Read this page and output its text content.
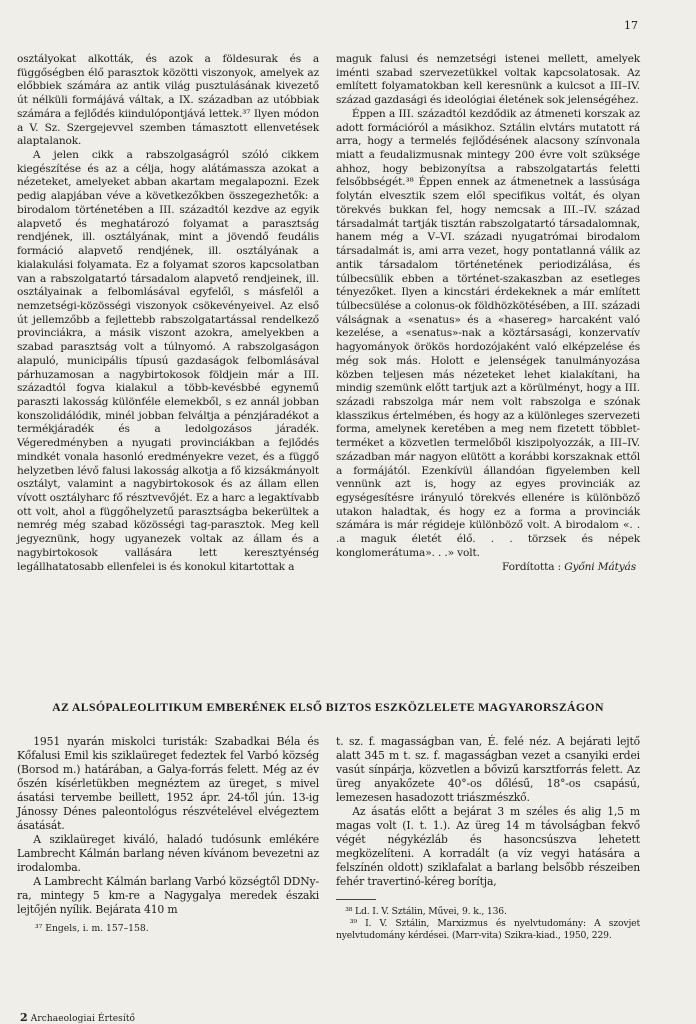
17

osztályokat alkották, és azok a földesurak és a függőségben élő parasztok közötti viszonyok, amelyek az előbbiek számára az antik világ pusztulásának kivezető út nélküli formájává váltak, a IX. században az utóbbiak számára a fejlődés kiindulópontjává lettek.³⁷ Ilyen módon a V. Sz. Szergejevvel szemben támasztott ellenvetések alaptalanok.

A jelen cikk a rabszolgaságról szóló cikkem kiegészítése és az a célja, hogy alátámassza azokat a nézeteket, amelyeket abban akartam megalapozni. Ezek pedig alapjában véve a következőkben összegezhetők: a birodalom történetében a III. századtól kezdve az egyik alapvető és meghatározó folyamat a parasztság rendjének, ill. osztályának, mint a jövendő feudális formáció alapvető rendjének, ill. osztályának a kialakulási folyamata. Ez a folyamat szoros kapcsolatban van a rabszolgatartó társadalom alapvető rendjeinek, ill. osztályainak a felbomlásával egyfelől, s másfelől a nemzetségi-közösségi viszonyok csökevényeivel. Az első út jellemzőbb a fejlettebb rabszolgatartással rendelkező provinciákra, a másik viszont azokra, amelyekben a szabad parasztság volt a túlnyomó. A rabszolgaságon alapuló, municipális típusú gazdaságok felbomlásával párhuzamosan a nagybirtokosok földjein már a III. századtól fogva kialakul a több-kevésbbé egynemű paraszti lakosság különféle elemekből, s ez annál jobban konszolidálódik, minél jobban felváltja a pénzjáradékot a termékjáradék és a ledolgozásos járadék. Végeredményben a nyugati provinciákban a fejlődés mindkét vonala hasonló eredményekre vezet, és a függő helyzetben lévő falusi lakosság alkotja a fő kizsákmányolt osztályt, valamint a nagybirtokosok és az állam ellen vívott osztályharc fő résztvevőjét. Ez a harc a legaktívabb ott volt, ahol a függőhelyzetű parasztságba bekerültek a nemrég még szabad közösségi tag-parasztok. Meg kell jegyeznünk, hogy ugyanezek voltak az állam és a nagybirtokosok vallására lett keresztyénség legállhatatosabb ellenfelei is és konokul kitartottak a

maguk falusi és nemzetségi istenei mellett, amelyek iménti szabad szervezetükkel voltak kapcsolatosak. Az említett folyamatokban kell keresnünk a kulcsot a III–IV. század gazdasági és ideológiai életének sok jelenségéhez.

Éppen a III. századtól kezdődik az átmeneti korszak az adott formációról a másikhoz. Sztálin elvtárs mutatott rá arra, hogy a termelés fejlődésének alacsony színvonala miatt a feudalizmusnak mintegy 200 évre volt szüksége ahhoz, hogy bebizonyítsa a rabszolgatartás feletti felsőbbségét.³⁸ Éppen ennek az átmenetnek a lassúsága folytán elvesztik szem elől specifikus voltát, és olyan törekvés bukkan fel, hogy nemcsak a III.–IV. század társadalmát tartják tisztán rabszolgatartó társadalomnak, hanem még a V–VI. századi nyugatrómai birodalom társadalmát is, ami arra vezet, hogy pontatlanná válik az antik társadalom történetének periodizálása, és túlbecsülik ebben a történet-szakaszban az esetleges tényezőket. Ilyen a kincstári érdekeknek a már említett túlbecsülése a colonus-ok földhözkötésében, a III. századi válságnak a «senatus» és a «hasereg» harcaként való kezelése, a «senatus»-nak a köztársasági, konzervatív hagyományok örökös hordozójaként való elképzelése és még sok más. Holott e jelenségek tanulmányozása közben teljesen más nézeteket lehet kialakítani, ha mindig szemünk előtt tartjuk azt a körülményt, hogy a III. századi rabszolga már nem volt rabszolga e szónak klasszikus értelmében, és hogy az a különleges szervezeti forma, amelynek keretében a meg nem fizetett többlet-terméket a közvetlen termelőből kiszipolyozzák, a III–IV. században már nagyon elütött a korábbi korszaknak ettől a formájától. Ezenkívül állandóan figyelemben kell vennünk azt is, hogy az egyes provinciák az egységesítésre irányuló törekvés ellenére is különböző utakon haladtak, és hogy ez a forma a provinciák számára is már régideje különböző volt. A birodalom «. . .a maguk életét élő. . . törzsek és népek konglomerátuma». . .» volt.

Fordította : Győni Mátyás

AZ ALSÓPALEOLITIKUM EMBERÉNEK ELSŐ BIZTOS ESZKÖZLELETE MAGYARORSZÁGON

1951 nyarán miskolci turisták: Szabadkai Béla és Kőfalusi Emil kis sziklaüreget fedeztek fel Varbó község (Borsod m.) határában, a Galya-forrás felett. Még az év őszén kísérletükben megnéztem az üreget, s mivel ásatási tervembe beillett, 1952 ápr. 24-től jún. 13-ig Jánossy Dénes paleontológus részvételével elvégeztem ásatását.

A sziklaüreget kiváló, haladó tudósunk emlékére Lambrecht Kálmán barlang néven kívánom bevezetni az irodalomba.

A Lambrecht Kálmán barlang Varbó községtől DDNy-ra, mintegy 5 km-re a Nagygalya meredek északi lejtőjén nyílik. Bejárata 410 m

³⁷ Engels, i. m. 157–158.

t. sz. f. magasságban van, É. felé néz. A bejárati lejtő alatt 345 m t. sz. f. magasságban vezet a csanyiki erdei vasút sínpárja, közvetlen a bővizű karsztforrás felett. Az üreg anyakőzete 40°-os dőlésű, 18°-os csapású, lemezesen hasadozott triászmészkő.

Az ásatás előtt a bejárat 3 m széles és alig 1,5 m magas volt (I. t. 1.). Az üreg 14 m távolságban fekvő végét négykézláb és hasoncsúszva lehetett megközelíteni. A korradált (a víz vegyi hatására a felszínén oldott) sziklafalat a barlang belsőbb részeiben fehér travertinó-kéreg borítja,

³⁸ Ld. I. V. Sztálin, Művei, 9. k., 136.

³⁹ I. V. Sztálin, Marxizmus és nyelvtudomány: A szovjet nyelvtudomány kérdései. (Marr-vita) Szikra-kiad., 1950, 229.

2 Archaeologiai Értesítő
